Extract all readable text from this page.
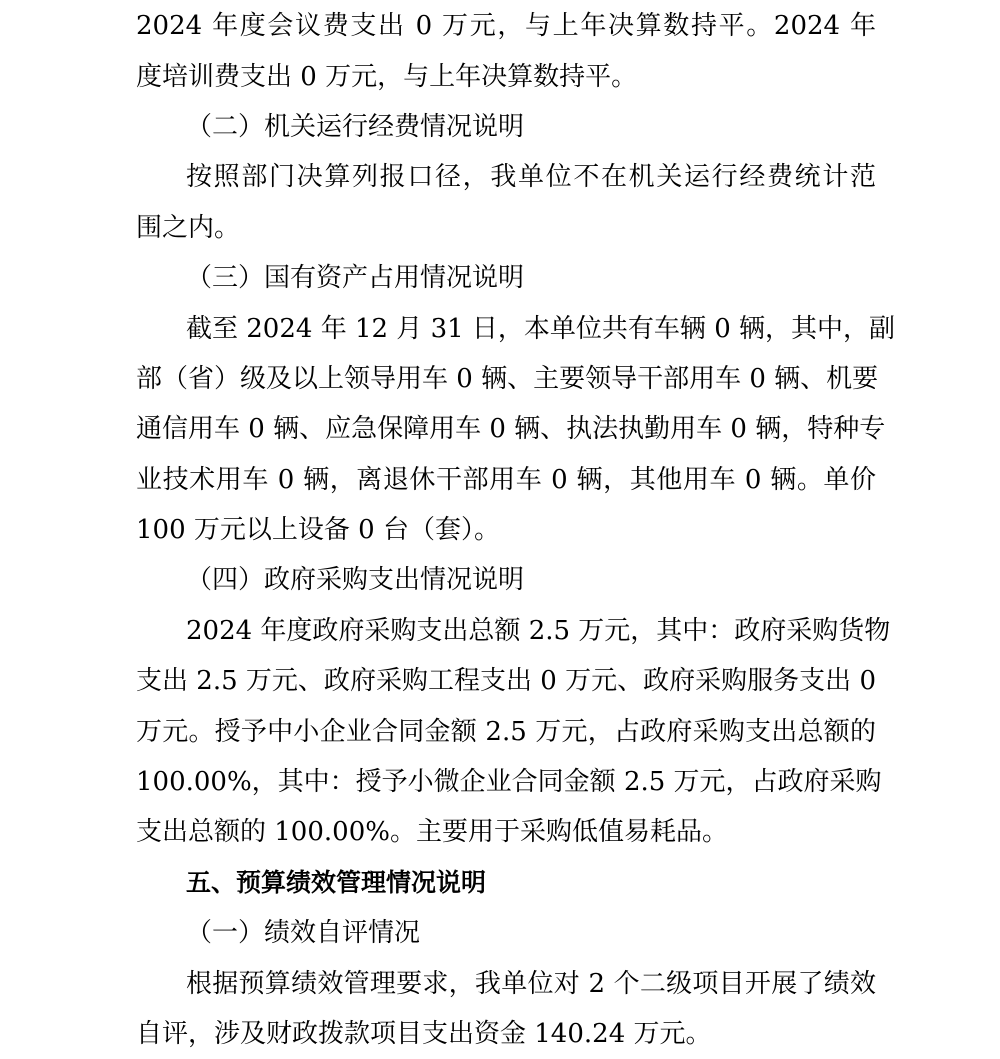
2024 年度会议费支出 0 万元，与上年决算数持平。2024 年
度培训费支出 0 万元，与上年决算数持平。
（二）机关运行经费情况说明
按照部门决算列报口径，我单位不在机关运行经费统计范
围之内。
（三）国有资产占用情况说明
截至 2024 年 12 月 31 日，本单位共有车辆 0 辆，其中，副
部（省）级及以上领导用车 0 辆、主要领导干部用车 0 辆、机要
通信用车 0 辆、应急保障用车 0 辆、执法执勤用车 0 辆，特种专
业技术用车 0 辆，离退休干部用车 0 辆，其他用车 0 辆。单价
100 万元以上设备 0 台（套）。
（四）政府采购支出情况说明
2024 年度政府采购支出总额 2.5 万元，其中：政府采购货物
支出 2.5 万元、政府采购工程支出 0 万元、政府采购服务支出 0
万元。授予中小企业合同金额 2.5 万元，占政府采购支出总额的
100.00%，其中：授予小微企业合同金额 2.5 万元，占政府采购
支出总额的 100.00%。主要用于采购低值易耗品。
五、预算绩效管理情况说明
（一）绩效自评情况
根据预算绩效管理要求，我单位对 2 个二级项目开展了绩效
自评，涉及财政拨款项目支出资金 140.24 万元。
